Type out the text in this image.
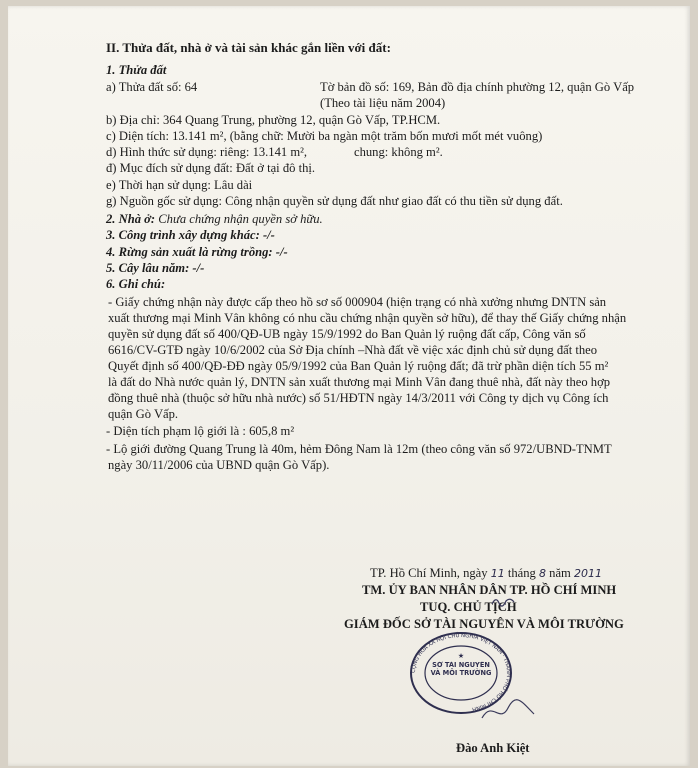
II. Thửa đất, nhà ở và tài sản khác gắn liền với đất:
1. Thửa đất
a) Thửa đất số: 64	Tờ bản đồ số: 169, Bản đồ địa chính phường 12, quận Gò Vấp
(Theo tài liệu năm 2004)
b) Địa chỉ: 364 Quang Trung, phường 12, quận Gò Vấp, TP.HCM.
c) Diện tích: 13.141 m², (bằng chữ: Mười ba ngàn một trăm bốn mươi mốt mét vuông)
d) Hình thức sử dụng: riêng: 13.141 m²,	chung: không m².
đ) Mục đích sử dụng đất: Đất ở tại đô thị.
e) Thời hạn sử dụng: Lâu dài
g) Nguồn gốc sử dụng: Công nhận quyền sử dụng đất như giao đất có thu tiền sử dụng đất.
2. Nhà ở: Chưa chứng nhận quyền sở hữu.
3. Công trình xây dựng khác: -/-
4. Rừng sản xuất là rừng trồng: -/-
5. Cây lâu năm: -/-
6. Ghi chú:
- Giấy chứng nhận này được cấp theo hồ sơ số 000904 (hiện trạng có nhà xưởng nhưng DNTN sản
xuất thương mại Minh Vân không có nhu cầu chứng nhận quyền sở hữu), để thay thế Giấy chứng nhận
quyền sử dụng đất số 400/QĐ-UB ngày 15/9/1992 do Ban Quản lý ruộng đất cấp, Công văn số
6616/CV-GTĐ ngày 10/6/2002 của Sở Địa chính –Nhà đất về việc xác định chủ sử dụng đất theo
Quyết định số 400/QĐ-ĐĐ ngày 05/9/1992 của Ban Quản lý ruộng đất; đã trừ phần diện tích 55 m²
là đất do Nhà nước quản lý, DNTN sản xuất thương mại Minh Vân đang thuê nhà, đất này theo hợp
đồng thuê nhà (thuộc sở hữu nhà nước) số 51/HĐTN ngày 14/3/2011 với Công ty dịch vụ Công ích
quận Gò Vấp.
- Diện tích phạm lộ giới là : 605,8 m²
- Lộ giới đường Quang Trung là 40m, hẻm Đông Nam là 12m (theo công văn số 972/UBND-TNMT
ngày 30/11/2006 của UBND quận Gò Vấp).
TP. Hồ Chí Minh, ngày 11 tháng 8 năm 2011
TM. ỦY BAN NHÂN DÂN TP. HỒ CHÍ MINH
TUQ. CHỦ TỊCH
GIÁM ĐỐC SỞ TÀI NGUYÊN VÀ MÔI TRƯỜNG
CỘNG HÒA XÃ HỘI CHỦ NGHĨA VIỆT NAM · THÀNH PHỐ HỒ CHÍ MINH
★
SỞ TÀI NGUYÊN VÀ MÔI TRƯỜNG
Đào Anh Kiệt
